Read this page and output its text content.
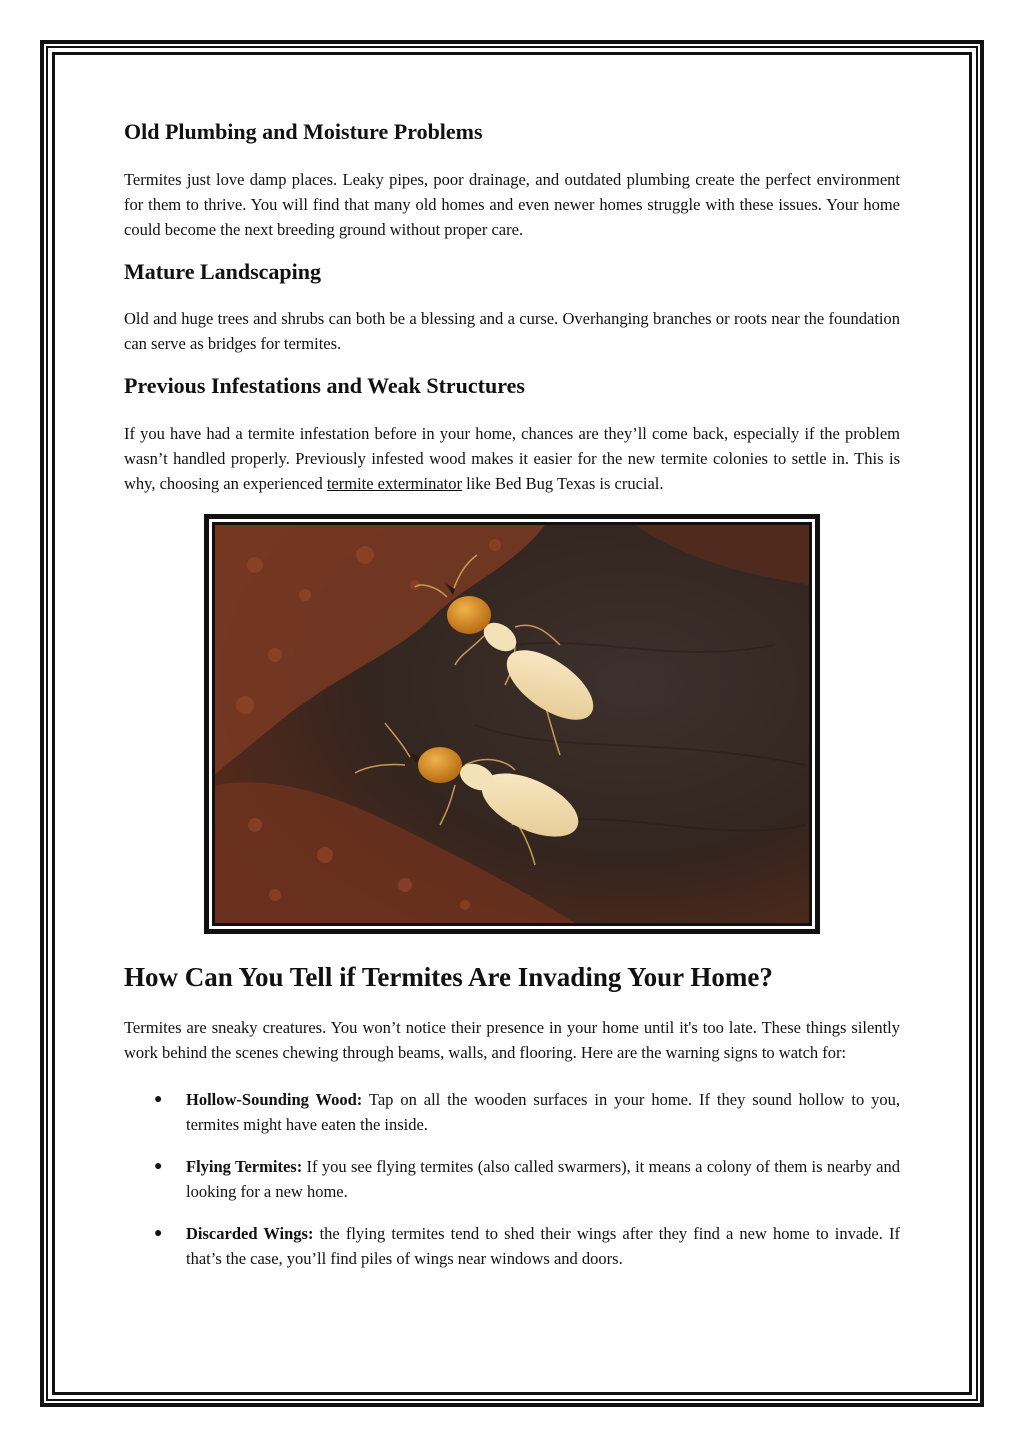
Old Plumbing and Moisture Problems

Termites just love damp places. Leaky pipes, poor drainage, and outdated plumbing create the perfect environment for them to thrive. You will find that many old homes and even newer homes struggle with these issues. Your home could become the next breeding ground without proper care.

Mature Landscaping

Old and huge trees and shrubs can both be a blessing and a curse. Overhanging branches or roots near the foundation can serve as bridges for termites.

Previous Infestations and Weak Structures

If you have had a termite infestation before in your home, chances are they’ll come back, especially if the problem wasn’t handled properly. Previously infested wood makes it easier for the new termite colonies to settle in. This is why, choosing an experienced termite exterminator like Bed Bug Texas is crucial.

How Can You Tell if Termites Are Invading Your Home?

Termites are sneaky creatures. You won’t notice their presence in your home until it's too late. These things silently work behind the scenes chewing through beams, walls, and flooring. Here are the warning signs to watch for:

● Hollow-Sounding Wood: Tap on all the wooden surfaces in your home. If they sound hollow to you, termites might have eaten the inside.
● Flying Termites: If you see flying termites (also called swarmers), it means a colony of them is nearby and looking for a new home.
● Discarded Wings: the flying termites tend to shed their wings after they find a new home to invade. If that’s the case, you’ll find piles of wings near windows and doors.
